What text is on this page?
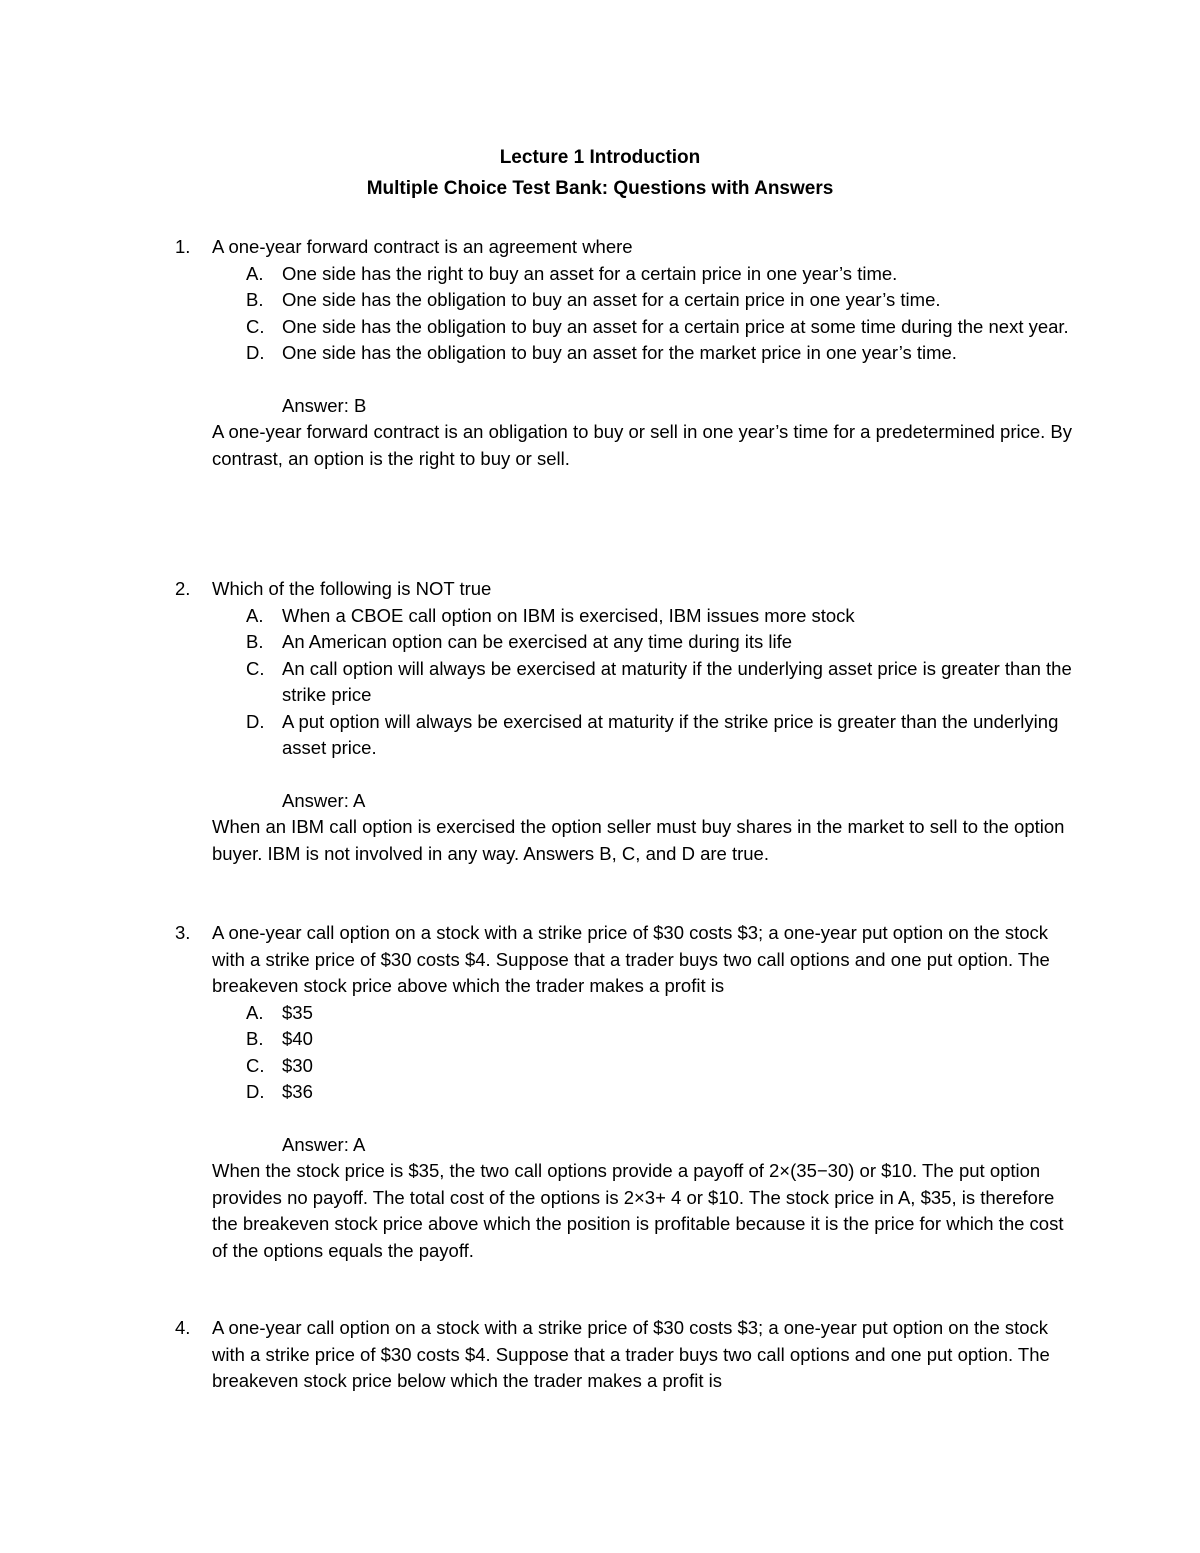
Lecture 1 Introduction
Multiple Choice Test Bank: Questions with Answers
1.	A one-year forward contract is an agreement where
A. One side has the right to buy an asset for a certain price in one year’s time.
B. One side has the obligation to buy an asset for a certain price in one year’s time.
C. One side has the obligation to buy an asset for a certain price at some time during the next year.
D. One side has the obligation to buy an asset for the market price in one year’s time.
Answer: B
A one-year forward contract is an obligation to buy or sell in one year’s time for a predetermined price. By contrast, an option is the right to buy or sell.
2.	Which of the following is NOT true
A. When a CBOE call option on IBM is exercised, IBM issues more stock
B. An American option can be exercised at any time during its life
C. An call option will always be exercised at maturity if the underlying asset price is greater than the strike price
D. A put option will always be exercised at maturity if the strike price is greater than the underlying asset price.
Answer: A
When an IBM call option is exercised the option seller must buy shares in the market to sell to the option buyer. IBM is not involved in any way. Answers B, C, and D are true.
3.	A one-year call option on a stock with a strike price of $30 costs $3; a one-year put option on the stock with a strike price of $30 costs $4. Suppose that a trader buys two call options and one put option. The breakeven stock price above which the trader makes a profit is
A. $35
B. $40
C. $30
D. $36
Answer: A
When the stock price is $35, the two call options provide a payoff of 2×(35−30) or $10. The put option provides no payoff. The total cost of the options is 2×3+ 4 or $10. The stock price in A, $35, is therefore the breakeven stock price above which the position is profitable because it is the price for which the cost of the options equals the payoff.
4.	A one-year call option on a stock with a strike price of $30 costs $3; a one-year put option on the stock with a strike price of $30 costs $4. Suppose that a trader buys two call options and one put option. The breakeven stock price below which the trader makes a profit is
